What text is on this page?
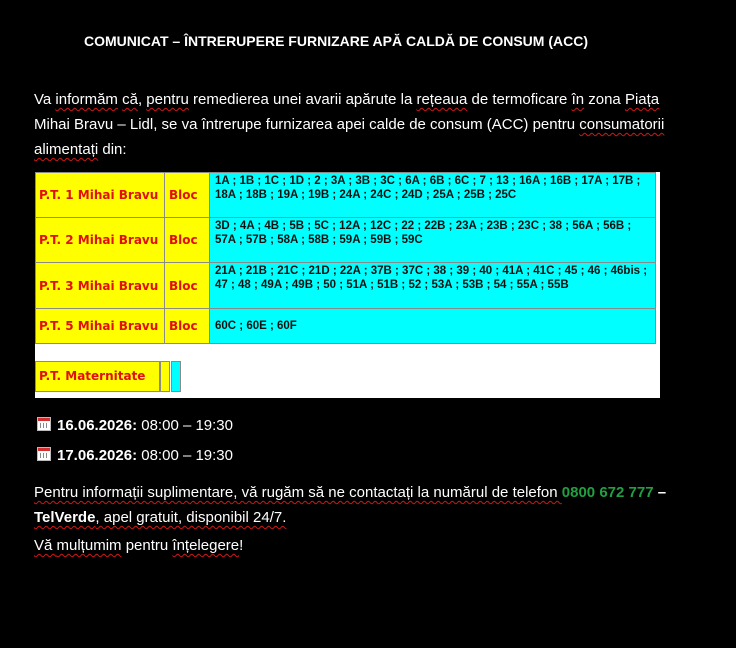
COMUNICAT – ÎNTRERUPERE FURNIZARE APĂ CALDĂ DE CONSUM (ACC)
Va informăm că, pentru remedierea unei avarii apărute la rețeaua de termoficare în zona Piața Mihai Bravu – Lidl, se va întrerupe furnizarea apei calde de consum (ACC) pentru consumatorii alimentați din:
P.T. 1 Mihai Bravu	Bloc	1A ; 1B ; 1C ; 1D ; 2 ; 3A ; 3B ; 3C ; 6A ; 6B ; 6C ; 7 ; 13 ; 16A ; 16B ; 17A ; 17B ; 18A ; 18B ; 19A ; 19B ; 24A ; 24C ; 24D ; 25A ; 25B ; 25C
P.T. 2 Mihai Bravu	Bloc	3D ; 4A ; 4B ; 5B ; 5C ; 12A ; 12C ; 22 ; 22B ; 23A ; 23B ; 23C ; 38 ; 56A ; 56B ; 57A ; 57B ; 58A ; 58B ; 59A ; 59B ; 59C
P.T. 3 Mihai Bravu	Bloc	21A ; 21B ; 21C ; 21D ; 22A ; 37B ; 37C ; 38 ; 39 ; 40 ; 41A ; 41C ; 45 ; 46 ; 46bis ; 47 ; 48 ; 49A ; 49B ; 50 ; 51A ; 51B ; 52 ; 53A ; 53B ; 54 ; 55A ; 55B
P.T. 5 Mihai Bravu	Bloc	60C ; 60E ; 60F
P.T. Maternitate
16.06.2026: 08:00 – 19:30
17.06.2026: 08:00 – 19:30
Pentru informații suplimentare, vă rugăm să ne contactați la numărul de telefon 0800 672 777 –
TelVerde, apel gratuit, disponibil 24/7.
Vă mulțumim pentru înțelegere!
